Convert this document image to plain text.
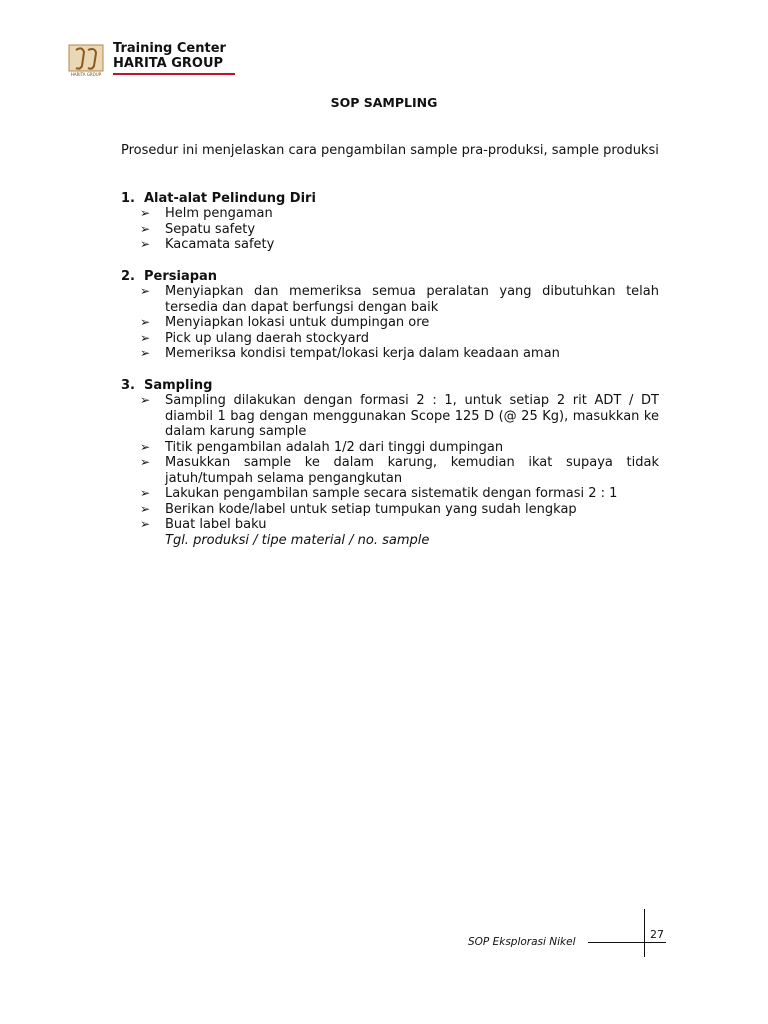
HARITA GROUP
Training Center
HARITA GROUP
SOP SAMPLING

Prosedur ini menjelaskan cara pengambilan sample pra-produksi, sample produksi

1. Alat-alat Pelindung Diri
➢	Helm pengaman
➢	Sepatu safety
➢	Kacamata safety
2. Persiapan
➢	Menyiapkan dan memeriksa semua peralatan yang dibutuhkan telah tersedia dan dapat berfungsi dengan baik
➢	Menyiapkan lokasi untuk dumpingan ore
➢	Pick up ulang daerah stockyard
➢	Memeriksa kondisi tempat/lokasi kerja dalam keadaan aman
3. Sampling
➢	Sampling dilakukan dengan formasi 2 : 1, untuk setiap 2 rit ADT / DT diambil 1 bag dengan menggunakan Scope 125 D (@ 25 Kg), masukkan ke dalam karung sample
➢	Titik pengambilan adalah 1/2 dari tinggi dumpingan
➢	Masukkan sample ke dalam karung, kemudian ikat supaya tidak jatuh/tumpah selama pengangkutan
➢	Lakukan pengambilan sample secara sistematik dengan formasi 2 : 1
➢	Berikan kode/label untuk setiap tumpukan yang sudah lengkap
➢	Buat label baku
Tgl. produksi / tipe material / no. sample
SOP Eksplorasi Nikel
27
